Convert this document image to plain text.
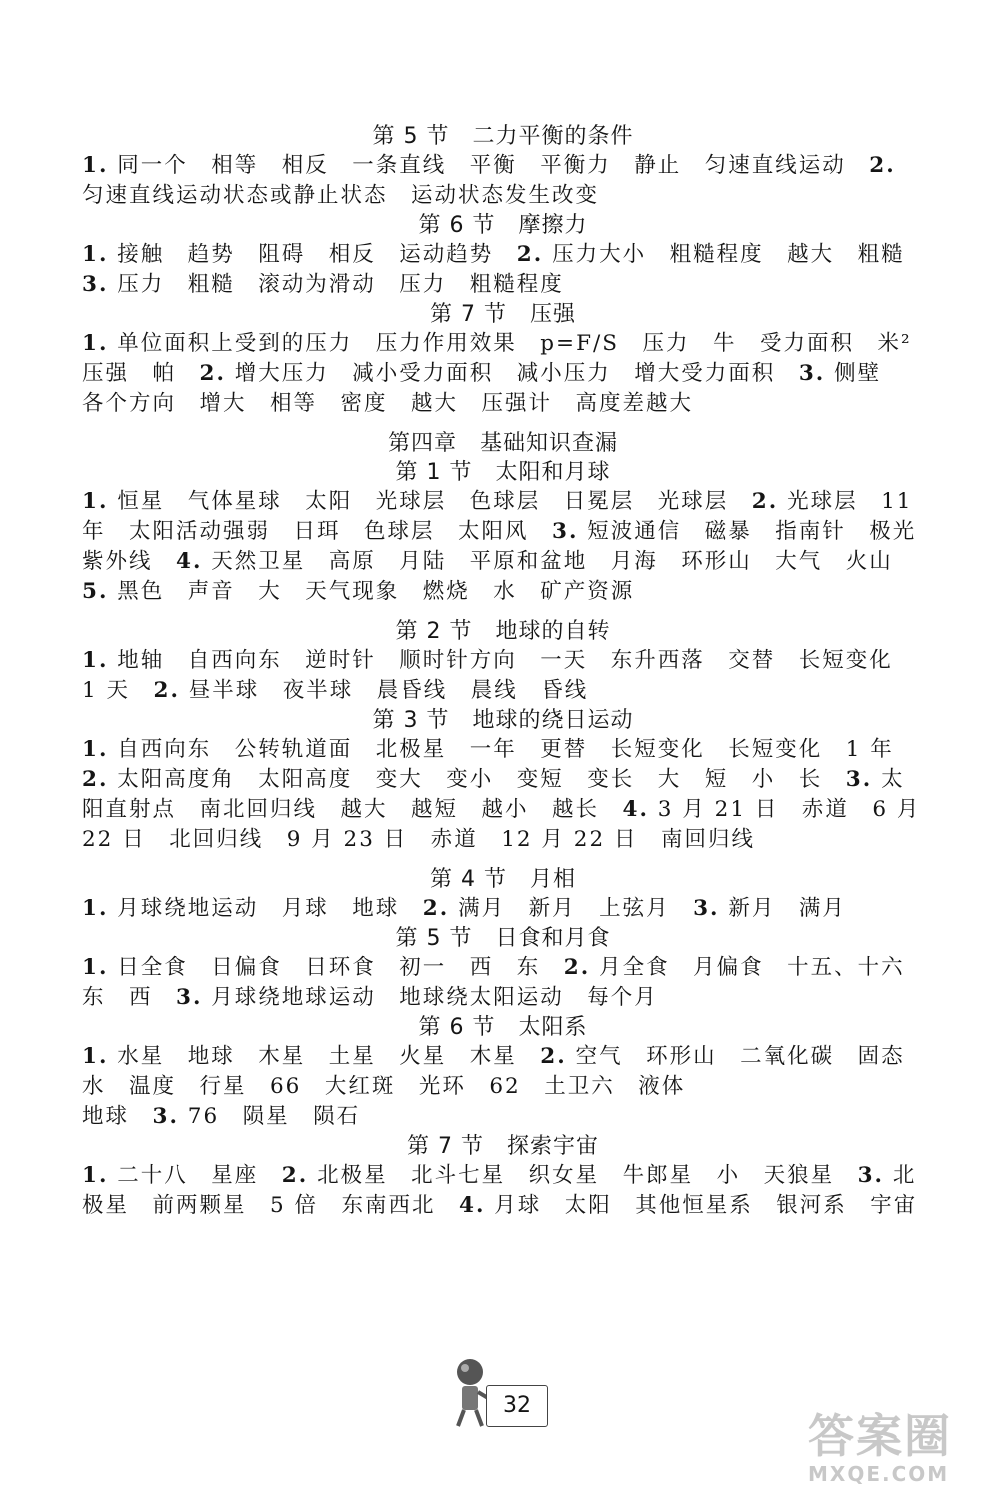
第 5 节　二力平衡的条件
1. 同一个　相等　相反　一条直线　平衡　平衡力　静止　匀速直线运动　2. 匀速直线运动状态或静止状态　运动状态发生改变
第 6 节　摩擦力
1. 接触　趋势　阻碍　相反　运动趋势　2. 压力大小　粗糙程度　越大　粗糙　3. 压力　粗糙　滚动为滑动　压力　粗糙程度
第 7 节　压强
1. 单位面积上受到的压力　压力作用效果　p=F/S　压力　牛　受力面积　米²　压强　帕　2. 增大压力　减小受力面积　减小压力　增大受力面积　3. 侧壁　各个方向　增大　相等　密度　越大　压强计　高度差越大
第四章　基础知识查漏
第 1 节　太阳和月球
1. 恒星　气体星球　太阳　光球层　色球层　日冕层　光球层　2. 光球层　11 年　太阳活动强弱　日珥　色球层　太阳风　3. 短波通信　磁暴　指南针　极光　紫外线　4. 天然卫星　高原　月陆　平原和盆地　月海　环形山　大气　火山　5. 黑色　声音　大　天气现象　燃烧　水　矿产资源
第 2 节　地球的自转
1. 地轴　自西向东　逆时针　顺时针方向　一天　东升西落　交替　长短变化　1 天　2. 昼半球　夜半球　晨昏线　晨线　昏线
第 3 节　地球的绕日运动
1. 自西向东　公转轨道面　北极星　一年　更替　长短变化　长短变化　1 年　2. 太阳高度角　太阳高度　变大　变小　变短　变长　大　短　小　长　3. 太阳直射点　南北回归线　越大　越短　越小　越长　4. 3 月 21 日　赤道　6 月 22 日　北回归线　9 月 23 日　赤道　12 月 22 日　南回归线
第 4 节　月相
1. 月球绕地运动　月球　地球　2. 满月　新月　上弦月　3. 新月　满月
第 5 节　日食和月食
1. 日全食　日偏食　日环食　初一　西　东　2. 月全食　月偏食　十五、十六　东　西　3. 月球绕地球运动　地球绕太阳运动　每个月
第 6 节　太阳系
1. 水星　地球　木星　土星　火星　木星　2. 空气　环形山　二氧化碳　固态水　温度　行星　66　大红斑　光环　62　土卫六　液体
地球　3. 76　陨星　陨石
第 7 节　探索宇宙
1. 二十八　星座　2. 北极星　北斗七星　织女星　牛郎星　小　天狼星　3. 北极星　前两颗星　5 倍　东南西北　4. 月球　太阳　其他恒星系　银河系　宇宙
32
答案圈
MXQE.COM
